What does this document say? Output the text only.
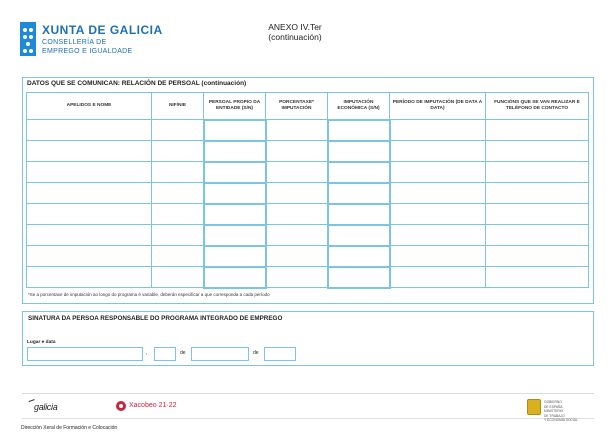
XUNTA DE GALICIA
CONSELLERÍA DE
EMPREGO E IGUALDADE
ANEXO IV.Ter
(continuación)
DATOS QUE SE COMUNICAN: RELACIÓN DE PERSOAL (continuación)
APELIDOS E NOME	NIF/NIE	PERSOAL PROPIO DA ENTIDADE (S/N)	PORCENTAXE* IMPUTACIÓN	IMPUTACIÓN ECONÓMICA (S/N)	PERÍODO DE IMPUTACIÓN (DE DATA A DATA)	FUNCIÓNS QUE SE VAN REALIZAR E TELÉFONO DE CONTACTO

*Se a porcentaxe de imputación ao longo do programa é variable, deberán especificar a que corresponda a cada período
SINATURA DA PERSOA RESPONSABLE DO PROGRAMA INTEGRADO DE EMPREGO
Lugar e data
,	de	de
galicia	Xacobeo 21·22	GOBIERNO
DE ESPAÑA
MINISTERIO
DE TRABAJO
Y ECONOMÍA SOCIAL
Dirección Xeral de Formación e Colocación
